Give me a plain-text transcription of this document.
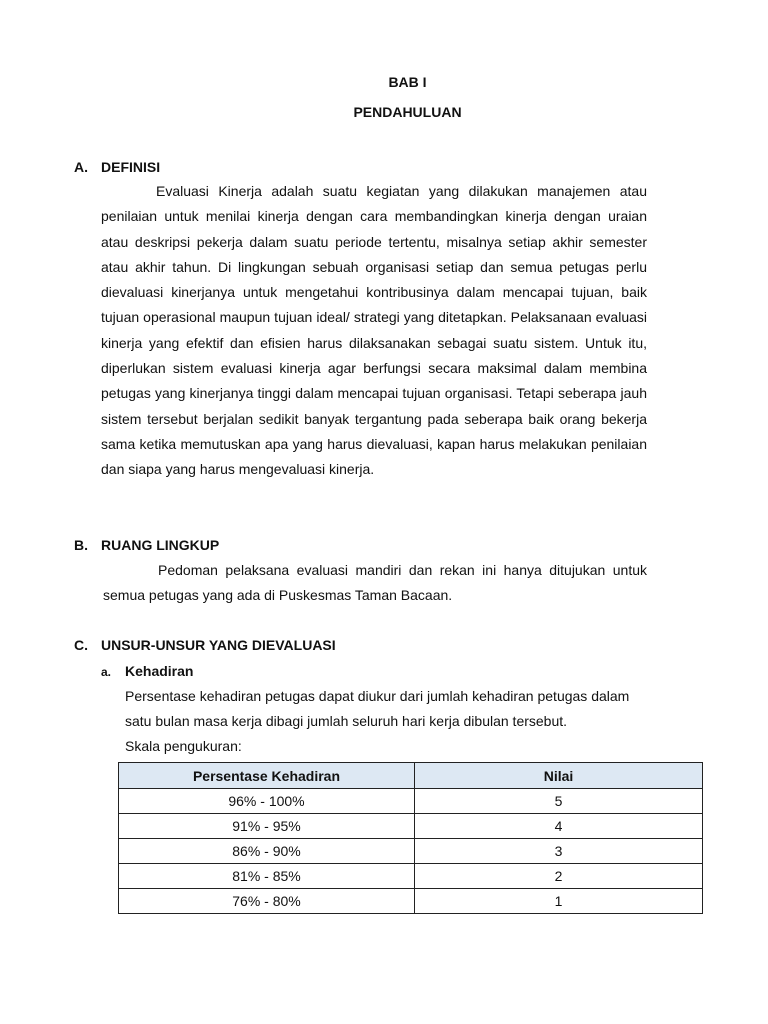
BAB I
PENDAHULUAN
A. DEFINISI

Evaluasi Kinerja adalah suatu kegiatan yang dilakukan manajemen atau penilaian untuk menilai kinerja dengan cara membandingkan kinerja dengan uraian atau deskripsi pekerja dalam suatu periode tertentu, misalnya setiap akhir semester atau akhir tahun. Di lingkungan sebuah organisasi setiap dan semua petugas perlu dievaluasi kinerjanya untuk mengetahui kontribusinya dalam mencapai tujuan, baik tujuan operasional maupun tujuan ideal/ strategi yang ditetapkan. Pelaksanaan evaluasi kinerja yang efektif dan efisien harus dilaksanakan sebagai suatu sistem. Untuk itu, diperlukan sistem evaluasi kinerja agar berfungsi secara maksimal dalam membina petugas yang kinerjanya tinggi dalam mencapai tujuan organisasi. Tetapi seberapa jauh sistem tersebut berjalan sedikit banyak tergantung pada seberapa baik orang bekerja sama ketika memutuskan apa yang harus dievaluasi, kapan harus melakukan penilaian dan siapa yang harus mengevaluasi kinerja.

B. RUANG LINGKUP

Pedoman pelaksana evaluasi mandiri dan rekan ini hanya ditujukan untuk semua petugas yang ada di Puskesmas Taman Bacaan.

C. UNSUR-UNSUR YANG DIEVALUASI
a. Kehadiran

Persentase kehadiran petugas dapat diukur dari jumlah kehadiran petugas dalam

satu bulan masa kerja dibagi jumlah seluruh hari kerja dibulan tersebut.

Skala pengukuran:

Persentase Kehadiran	Nilai
96% - 100%	5
91% - 95%	4
86% - 90%	3
81% - 85%	2
76% - 80%	1
